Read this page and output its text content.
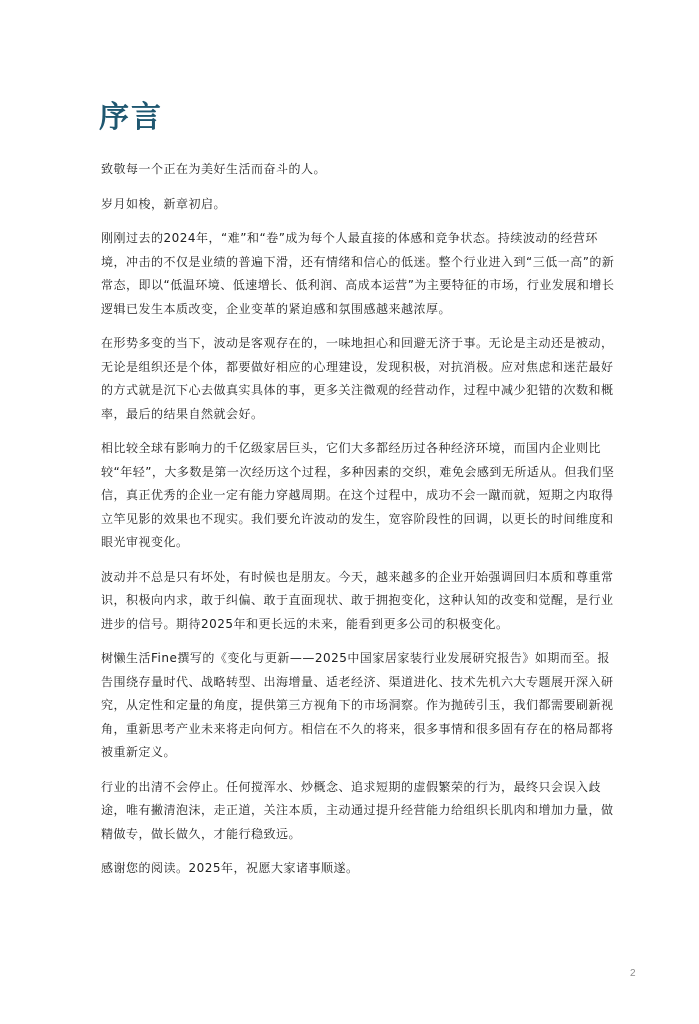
序言

致敬每一个正在为美好生活而奋斗的人。

岁月如梭，新章初启。

刚刚过去的2024年，“难”和“卷”成为每个人最直接的体感和竞争状态。持续波动的经营环境，冲击的不仅是业绩的普遍下滑，还有情绪和信心的低迷。整个行业进入到“三低一高”的新常态，即以“低温环境、低速增长、低利润、高成本运营”为主要特征的市场，行业发展和增长逻辑已发生本质改变，企业变革的紧迫感和氛围感越来越浓厚。

在形势多变的当下，波动是客观存在的，一味地担心和回避无济于事。无论是主动还是被动，无论是组织还是个体，都要做好相应的心理建设，发现积极，对抗消极。应对焦虑和迷茫最好的方式就是沉下心去做真实具体的事，更多关注微观的经营动作，过程中减少犯错的次数和概率，最后的结果自然就会好。

相比较全球有影响力的千亿级家居巨头，它们大多都经历过各种经济环境，而国内企业则比较“年轻”，大多数是第一次经历这个过程，多种因素的交织，难免会感到无所适从。但我们坚信，真正优秀的企业一定有能力穿越周期。在这个过程中，成功不会一蹴而就，短期之内取得立竿见影的效果也不现实。我们要允许波动的发生，宽容阶段性的回调，以更长的时间维度和眼光审视变化。

波动并不总是只有坏处，有时候也是朋友。今天，越来越多的企业开始强调回归本质和尊重常识，积极向内求，敢于纠偏、敢于直面现状、敢于拥抱变化，这种认知的改变和觉醒，是行业进步的信号。期待2025年和更长远的未来，能看到更多公司的积极变化。

树懒生活Fine撰写的《变化与更新——2025中国家居家装行业发展研究报告》如期而至。报告围绕存量时代、战略转型、出海增量、适老经济、渠道进化、技术先机六大专题展开深入研究，从定性和定量的角度，提供第三方视角下的市场洞察。作为抛砖引玉，我们都需要刷新视角，重新思考产业未来将走向何方。相信在不久的将来，很多事情和很多固有存在的格局都将被重新定义。

行业的出清不会停止。任何搅浑水、炒概念、追求短期的虚假繁荣的行为，最终只会误入歧途，唯有撇清泡沫，走正道，关注本质，主动通过提升经营能力给组织长肌肉和增加力量，做精做专，做长做久，才能行稳致远。

感谢您的阅读。2025年，祝愿大家诸事顺遂。

2
